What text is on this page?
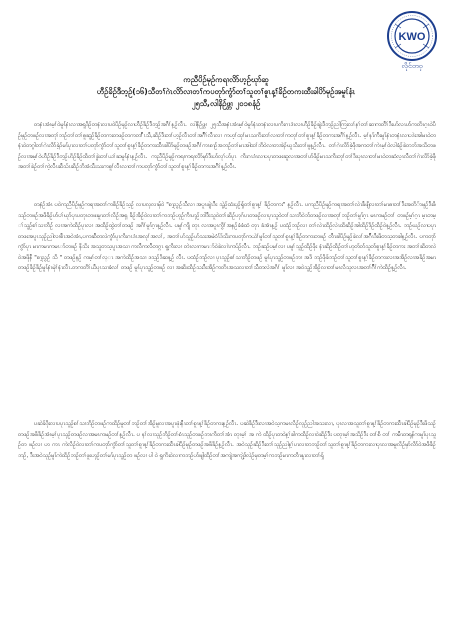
KWO
လိုင်တဝှ
ကညီပိဉ်မုဉ်ကရၢလိာ်ဟ့ဉ်ဃုာ်ဆူ
ဟီဉ်ခိဉ်ဒီဘ့ဉ်(၁၆)သီတၢ်ဂဲၤလိာ်လၢတၢ်ကပတုာ်ကွံာ်တၢ်သူတၢ်စူၤန့ၢ်ခိဉ်တကးထီးခါပိာ်မုဉ်အမူၤ်နံၤ
၂၅သီ,လါနိဉ်ဖ္ဘၢ ၂၀၁၈နံဉ်

တနံၤအံၤမ့ၢ်ဝဲမူၤ်နံၤလၢအရူဒိဉ်တနံၤလၢပဝဲပိဉ်မုဉ်လၢဟီဉ်ခိဉ်ဒီဘ့ဉ်အဂီၢ်န့ဉ်လီၤ. လါနိဉ်ဖ္ဘၢ ၂၅သီအနံၤအံၤမ့ၢ်ဝဲမူၤ်နံၤတနံၤလၢပကိးဂၤဒံၤလၢဟီဉ်ခိဉ်ချဲးဒီဘ့ဉ်ညါကြးလၢ်နၢ်တၢ်ဆၢကတီၢ်ဒီးဟ်လၤပာ်ကတိၤဂ့ၤဝဲပိဉ်မုဉ်တဖဉ်လၢအတုၢ်ဘဉ်တၢ်တၢ်ဓူဆူဉ်ခိဉ်တကးတဖဉ်တကတၢ်ီၤသီ,ဆိဉ်ဒီးတၢ်ဟ့ဉ်လီၤတၢ်အဂ်ီၢ်လီၤလၢ ကဟ့ၢ်ထုၢ်မၤသကိးတၢ်လၢတၢ်ကတုၢ်တၢ်စူၤန့ၢ်ခိဉ်တကးအဂီၢ်န့ဉ်လီၤ. မ့ၢ်နၤ်ကီးမူၤ်နံၤတနံၤလၢပဒဲးအါမၤဝဲတနံၤဝဲတဂ္ဂါတၢ်ဂဲၤလိာ်ခဲ့ၣ်မၤ်ပုၤလၢတၢ်ပတုာ်ကွံာ်တၢ်သူတၢ်စူၤန့ၢ်ခိဉ်တကးထီၤခါပိာ်မုဉ်တဖဉ်အဂီၢ်ကၤစၢဉ်အဘဉ်တၢ်မၤအါထၢ်ဘိဝဲလၢတအဲၣ်ဃူသိးတၢ်ဖူန့ဉ်လီၤ. တၢ်ဂဲၤလိာ်ခဲ့ဖိုအကတၢ်ကဲၤမ့ၢ်ဝဲလါခံဉ်ခဲတဘ်အသိတဖဉ်လၢအမ့ၢ်ဝဲဟီဉ်ခိဉ်ဒီဘ့ဉ်ဟိဉ်ခိဉ်ထိတၢ်ခွဲးတၢ်ယၢ်ဆမူၤ်နံၤန့ဉ်လီၤ. ကညီပိဉ်မုဉ်ကရၢကရၢလိာ်မှာ်ဒီးဟ်လုၢ်ဟ်ပုၤ ကိးဂၤဒံၤလၢပပုၤတဖးဆူလၢအတၢ်ပာ်ဖိဉ်မၤသကိးတုၢ်တၢ်ဒိးပုၤလၢတၢ်မၤဝဲတဆံလ့ၤလီတၢ်ဂဲၤလိာ်ခဲ့ဖိုအတၢ်ခဲဉ်တၢ်ကဲ့လီၤဆီသ်ၤဆိဉ်ဘိအံသီးသးကစူၢ်လီၤလၢတၢ်ကပတုာ်ကွံာ်တၢ်သူတၢ်စူၤန့ၢ်ခိဉ်တကးအဂီၢ်န့ဉ်လီၤ.

တနံဉ်အံၤ ပဝဲကညီပိဉ်မုဉ်ကရၢအတၢ်ကစိဉ်ခိဉ်သ့ဉ် လၢပလှလၢမှ်ဝဲ "စၢ့ညွဉ်သီလၢ အပူၤဖျဲၤဒီး သွဲဉ်ထံးပုဉ်ရှ်တၢ်စူၤန့ၢ် ခိဉ်တကး" န့ဉ်လီၤ. ပကညီပိဉ်မုဉ်ကရၢအတၢ်လဲၤခီဖျိလၢတၢ်မၤ‌ဓၢတၢ်ဒီးအတိ်ာမုဉ်ဒီးဖိသဉ်တဖဉ်အဖိခိဉ်ပာ်ပၢ်ဃုာ်ပုၤပတုၤတဖးမူၤတၢ်လိဉ်အရှ ခိဉ်အိဉ်ဝဲလၢတၢ်ကဘဉ်ဟုဉ်ကိၢဟုဉ်ဘါဒီးသူဝဲတၢ်ဆိဉ်ဟုဂ်ပၤတဖဉ်လၢပုၤသူဝဲတၢ်သၢဘိဝဲဘ်တဖဉ်လၢအတုၢ်ဘဉ်တၢ်မူၤ်ဂ့ၤ မၤကမဉ်တၢ် တဖဉ်မ့ၢ်ဂ့ၤ မ့ၤတမ့ၢ်သူဉ်စၢ်သၢဘိဉ် လၢအကဲထိဉ်ပုၤလၢ အထိဉ်ထွဲတၢ်တဖဉ် အဂိၢ်မူၤ်ဂ့ၤန့ဉ်လီၤ. ပမူၢ်ကျိ တုၤ လၢအပူၤကွိၢ်အနဉ်ခံခံထံ တုၤ ခံအံၤန့ဉ် ပထံဉ်ဘဉ်လၢ တၢ်လဲၤထိဉ်လဲၤထိဆိဉ်အါထိဉ်ဒိဉ်ထိဉ်ဝဲန့ဉ်လီၤ. ဘဉ်ဃဉ်လၢပပုၤတဖးအပူၤသုဉ်ညါလၢစီၤအဝဲအံၤ,ပကဆီတလဲကွံာ်ပုၤကိးဂၤဒံၤအလုၢ်အလၢ်, အတၢ်ဟ်သူဉ်ဟ်သးအမဲဝံၤ်ဒ်သိးကပတုာ်ကယဲၢ်မူၤ်တၢ်သူတၢ်စူၤန့ၢ်ခိဉ်တကးတဖဉ် တီၤခါပိဉ်မုဉ်ခဲလၢ်အဂ်ီၤဒီးဖိတသ့တခါန့ဉ်လီၤ. ပကတုာ်ကွံာ်ပုၤ မၤကမၤကမၤာ်တဖဉ် နိသိး အသူတသ့ပူၤအသၢ ကလီကလီတဂ္ဂၤ ရူ့ကိးလၢ တဲၤလၢကမၤာ်ဝဲခဲလၢဲၤကပ်ဉ်လီၤ. ဘဉ်ဆဉ်ပမ့ၢ်လၢ ပမူၢ်သူဉ်ထိဉ်ဖိုး နံၤဆိဉ်ထိဉ်တၢ်ဟုတ်တ်သူတ်စူၤန့ၢ်ခိဉ်တကး အတၢ်ဆိတလဲဝဲအဖိုနီ "စၢ့ညွဉ် သိ " တဖဉ်နဉ် ကမ့ၢ်တၢ်လ္ၤ အကဲထိဉ်အသၢ ဒသ့ဉ်ဒိဆန့ဉ် လီၤ. ပထံဉ်ဘဉ်လၢ ပုၤသူဉ်စၢ်သၢဘိဉ်တဖဉ် မူၤ်ပုၤသူဉ်တဖဉ်ဘၢ အဒိ ဘဉ်ဖိုခ်ဘဉ်တၢ်သူတၢ်စူၤန့ၢ်ခိဉ်တကးလၢအအိဉ်လၢအခိဉ်အမၤတဖဉ်ခိဉ်ခိဉ်မူၤ်နံၤမုဲၢ်နံၤလီၤ.တကတိၢ်ယီပုၤသၢခံလၢ် တဖဉ် မူၤ်ပုၤသူဉ်တဖဉ် လၢ အဆိးထိဉ်သးဒီးအိဉ်ကတိၤအသလၢတၢ်သီတလဲအဂိၢ် မူၤ်လၢ အဝဲသူဉ်အိဉ်လၢတၢ်မၤလိသုလၤအတၢ်ဂ်ီၢ်ကဲထိဉ်န့ဉ်လီၤ.

ပဆဲခ်ဒိုးလၢပပုၤသူဉ်စၢ်သၢဘိဉ်တဖဉ်ကထိဉ်မူတၢ်ဘဉ်တၢ်အိဉ်မူလၢအပူၤဖုံးနီၤတၢ်စူၤန့ၢ်ခိဉ်တကးန့ဉ်လီၤ. ပဆဲခိဉ်ဒီးလၢအဝဲသ့ကမၤလိဉ်လုဉ်ညါအသးလၢ, ပုၤလၢအသူတၢ်စူၤန့ၢ်ခိဉ်တကးထီၤခါပိဉ်မုဉ်ဒီးဖိသဉ်တဖဉ်အဖိခိဉ်အံၤမ့ၢ်ပုၤသုဉ်တဖဉ်လၢအမၤကမဉ်တၢ်န့ဉ်လီၤ. ပ နၢ်လၢသုဉ်ဘိဉ်တၢ်စံၤသုဉ်တဖဉ်ဘၤကိတၢ်အံၤ တုၤမ့ၢ် အ ကဲ ထိဉ်ပုၤတဝဲန့ၢ်ခါကထိဉ်လၢဝဲဆိဉ်ဒီး ပတုၤမ့ၢ်အသိဉ်ဒီး တၢ်စိ တၢ် ကမီၤတရုန်ကမူၤ်ပုၤသူဉ်တ ဖဉ်လၢ ဟ ကၤ ကဲလိဉ်ဝဲလၢတၢ်ကပတုာ်ကွံာ်တၢ်သူတၢ်စူၤန့ၢ်ခိဉ်တကးထီၤခါပိဉ်မုဉ်တဖဉ်အဖိခိဉ်န့ဉ်လီၤ. အဝဲသုဉ်ဆိဉ်ဒီးတၢ်သုဉ်ညါန့ၢ်ပၤလၢတဘဉ်တၢ်သူတၢ်စူၤန့ၢ်ခိဉ်တကးလၢပုၤလၢအမူလိဉ်မှာ်လိာ်ဝဲအဖိခိဉ်ဘဉ်, ဒီးအဝဲသုဉ်မူၤ်ကဲထိဉ်ဘဉ်တၢ်ဖူးဟုဉ်တၢ်မၤ်ပုၤသူဉ်တ ဖဉ်လၢ ပါ ဝဲ ရှုကိးဝဲလၢကဘဉ်ဟ်ဖျါထိဉ်တၢ်အကျဲအကျဲ့ဒ်လဲဉ်မှတမ့ၢ်ကဘဉ်မၤကတိၤနူၤလၢတၢ်ရှ်
